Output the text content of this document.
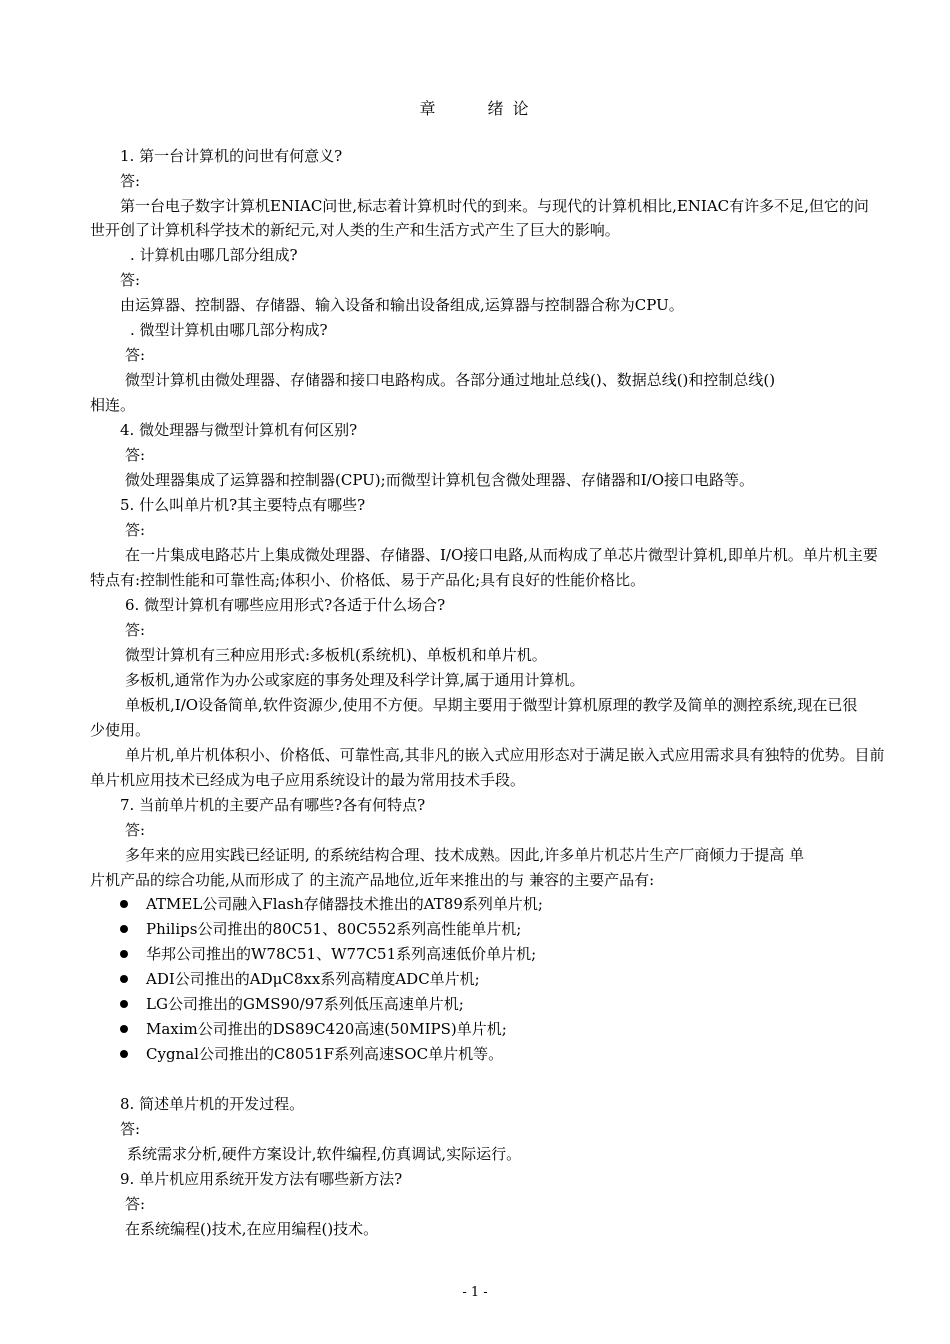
章	绪 论
1. 第一台计算机的问世有何意义?
答:
第一台电子数字计算机ENIAC问世,标志着计算机时代的到来。与现代的计算机相比,ENIAC有许多不足,但它的问
世开创了计算机科学技术的新纪元,对人类的生产和生活方式产生了巨大的影响。
. 计算机由哪几部分组成?
答:
由运算器、控制器、存储器、输入设备和输出设备组成,运算器与控制器合称为CPU。
. 微型计算机由哪几部分构成?
答:
微型计算机由微处理器、存储器和接口电路构成。各部分通过地址总线()、数据总线()和控制总线()
相连。
4. 微处理器与微型计算机有何区别?
答:
微处理器集成了运算器和控制器(CPU);而微型计算机包含微处理器、存储器和I/O接口电路等。
5. 什么叫单片机?其主要特点有哪些?
答:
在一片集成电路芯片上集成微处理器、存储器、I/O接口电路,从而构成了单芯片微型计算机,即单片机。单片机主要
特点有:控制性能和可靠性高;体积小、价格低、易于产品化;具有良好的性能价格比。
6. 微型计算机有哪些应用形式?各适于什么场合?
答:
微型计算机有三种应用形式:多板机(系统机)、单板机和单片机。
多板机,通常作为办公或家庭的事务处理及科学计算,属于通用计算机。
单板机,I/O设备简单,软件资源少,使用不方便。早期主要用于微型计算机原理的教学及简单的测控系统,现在已很
少使用。
单片机,单片机体积小、价格低、可靠性高,其非凡的嵌入式应用形态对于满足嵌入式应用需求具有独特的优势。目前
单片机应用技术已经成为电子应用系统设计的最为常用技术手段。
7. 当前单片机的主要产品有哪些?各有何特点?
答:
多年来的应用实践已经证明, 的系统结构合理、技术成熟。因此,许多单片机芯片生产厂商倾力于提高 单
片机产品的综合功能,从而形成了 的主流产品地位,近年来推出的与 兼容的主要产品有:
ATMEL公司融入Flash存储器技术推出的AT89系列单片机;
Philips公司推出的80C51、80C552系列高性能单片机;
华邦公司推出的W78C51、W77C51系列高速低价单片机;
ADI公司推出的ADμC8xx系列高精度ADC单片机;
LG公司推出的GMS90/97系列低压高速单片机;
Maxim公司推出的DS89C420高速(50MIPS)单片机;
Cygnal公司推出的C8051F系列高速SOC单片机等。
8. 简述单片机的开发过程。
答:
系统需求分析,硬件方案设计,软件编程,仿真调试,实际运行。
9. 单片机应用系统开发方法有哪些新方法?
答:
在系统编程()技术,在应用编程()技术。
- 1 -
